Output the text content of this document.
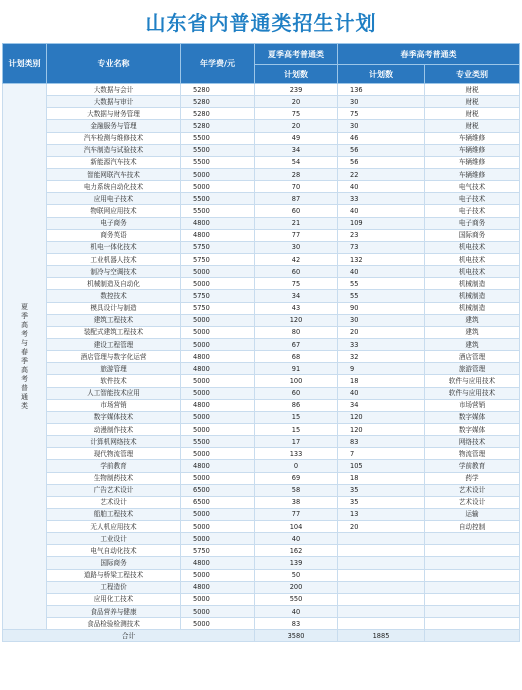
山东省内普通类招生计划
计划类别	专业名称	年学费/元	夏季高考普通类	春季高考普通类	
			计划数	计划数	专业类别
夏季高考与春季高考普通类	大数据与会计	5280	239	136	财税
	大数据与审计	5280	20	30	财税
	大数据与财务管理	5280	75	75	财税
	金融服务与管理	5280	20	30	财税
	汽车检测与维修技术	5500	49	46	车辆维修
	汽车制造与试验技术	5500	34	56	车辆维修
	新能源汽车技术	5500	54	56	车辆维修
	智能网联汽车技术	5000	28	22	车辆维修
	电力系统自动化技术	5000	70	40	电气技术
	应用电子技术	5500	87	33	电子技术
	物联网应用技术	5500	60	40	电子技术
	电子商务	4800	21	109	电子商务
	商务英语	4800	77	23	国际商务
	机电一体化技术	5750	30	73	机电技术
	工业机器人技术	5750	42	132	机电技术
	制冷与空调技术	5000	60	40	机电技术
	机械制造及自动化	5000	75	55	机械制造
	数控技术	5750	34	55	机械制造
	模具设计与制造	5750	43	90	机械制造
	建筑工程技术	5000	120	30	建筑
	装配式建筑工程技术	5000	80	20	建筑
	建设工程管理	5000	67	33	建筑
	酒店管理与数字化运营	4800	68	32	酒店管理
	旅游管理	4800	91	9	旅游管理
	软件技术	5000	100	18	软件与应用技术
	人工智能技术应用	5000	60	40	软件与应用技术
	市场营销	4800	86	34	市场营销
	数字媒体技术	5000	15	120	数字媒体
	动漫制作技术	5000	15	120	数字媒体
	计算机网络技术	5500	17	83	网络技术
	现代物流管理	5000	133	7	物流管理
	学前教育	4800	0	105	学前教育
	生物制药技术	5000	69	18	药学
	广告艺术设计	6500	58	35	艺术设计
	艺术设计	6500	38	35	艺术设计
	船舶工程技术	5000	77	13	运输
	无人机应用技术	5000	104	20	自动控制
	工业设计	5000	40		
	电气自动化技术	5750	162		
	国际商务	4800	139		
	道路与桥梁工程技术	5000	50		
	工程造价	4800	200		
	应用化工技术	5000	550		
	食品营养与健康	5000	40		
	食品检验检测技术	5000	83		
合计			3580	1885	
